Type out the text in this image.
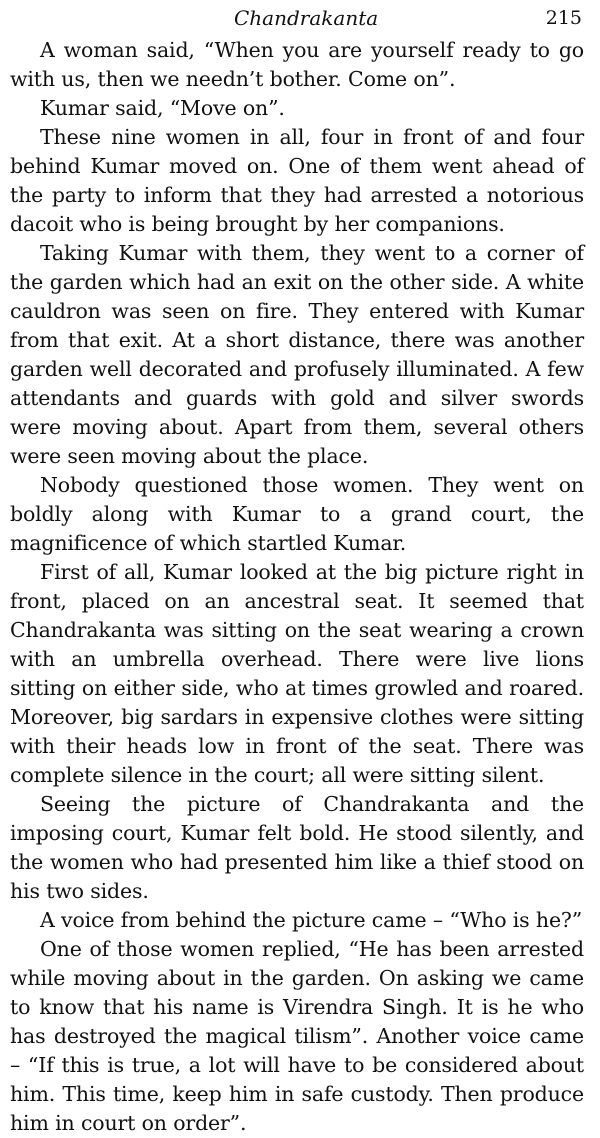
Chandrakanta	215

A woman said, “When you are yourself ready to go with us, then we needn’t bother. Come on”.

Kumar said, “Move on”.

These nine women in all, four in front of and four behind Kumar moved on. One of them went ahead of the party to inform that they had arrested a notorious dacoit who is being brought by her companions.

Taking Kumar with them, they went to a corner of the garden which had an exit on the other side. A white cauldron was seen on fire. They entered with Kumar from that exit. At a short distance, there was another garden well decorated and profusely illuminated. A few attendants and guards with gold and silver swords were moving about. Apart from them, several others were seen moving about the place.

Nobody questioned those women. They went on boldly along with Kumar to a grand court, the magnificence of which startled Kumar.

First of all, Kumar looked at the big picture right in front, placed on an ancestral seat. It seemed that Chandrakanta was sitting on the seat wearing a crown with an umbrella overhead. There were live lions sitting on either side, who at times growled and roared. Moreover, big sardars in expensive clothes were sitting with their heads low in front of the seat. There was complete silence in the court; all were sitting silent.

Seeing the picture of Chandrakanta and the imposing court, Kumar felt bold. He stood silently, and the women who had presented him like a thief stood on his two sides.

A voice from behind the picture came – “Who is he?”

One of those women replied, “He has been arrested while moving about in the garden. On asking we came to know that his name is Virendra Singh. It is he who has destroyed the magical tilism”. Another voice came – “If this is true, a lot will have to be considered about him. This time, keep him in safe custody. Then produce him in court on order”.
